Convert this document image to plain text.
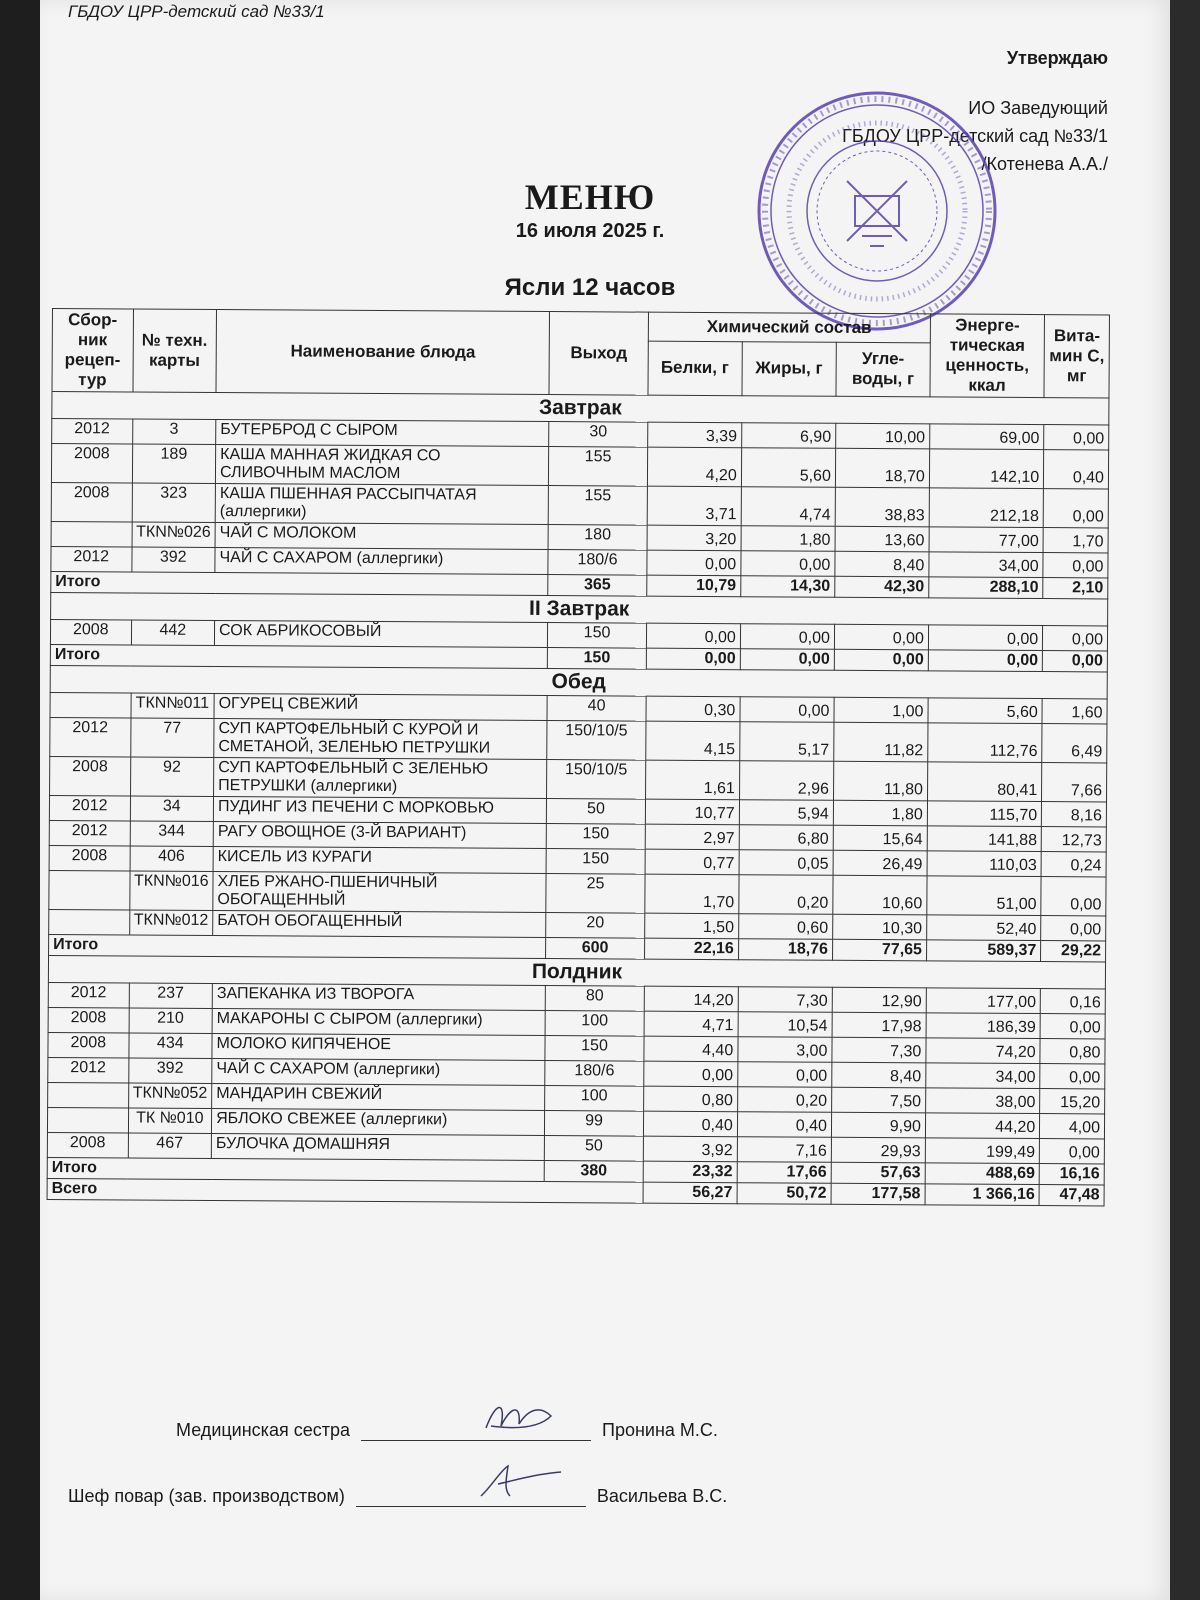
ГБДОУ ЦРР-детский сад №33/1
Утверждаю
ИО Заведующий
ГБДОУ ЦРР-детский сад №33/1
/Котенева А.А./
МЕНЮ
16 июля 2025 г.
Ясли 12 часов
Сбор-ник рецеп-тур	№ техн. карты	Наименование блюда	Выход	Химический состав			Энерге-тическая ценность, ккал	Вита-мин С, мг
				Белки, г	Жиры, г	Угле-воды, г		
Завтрак								
2012	3	БУТЕРБРОД С СЫРОМ	30	3,39	6,90	10,00	69,00	0,00
2008	189	КАША МАННАЯ ЖИДКАЯ СО СЛИВОЧНЫМ МАСЛОМ	155	4,20	5,60	18,70	142,10	0,40
2008	323	КАША ПШЕННАЯ РАССЫПЧАТАЯ (аллергики)	155	3,71	4,74	38,83	212,18	0,00
	ТКN№026	ЧАЙ С МОЛОКОМ	180	3,20	1,80	13,60	77,00	1,70
2012	392	ЧАЙ С САХАРОМ (аллергики)	180/6	0,00	0,00	8,40	34,00	0,00
Итого			365	10,79	14,30	42,30	288,10	2,10
II Завтрак								
2008	442	СОК АБРИКОСОВЫЙ	150	0,00	0,00	0,00	0,00	0,00
Итого			150	0,00	0,00	0,00	0,00	0,00
Обед								
	ТКN№011	ОГУРЕЦ СВЕЖИЙ	40	0,30	0,00	1,00	5,60	1,60
2012	77	СУП КАРТОФЕЛЬНЫЙ С КУРОЙ И СМЕТАНОЙ, ЗЕЛЕНЬЮ ПЕТРУШКИ	150/10/5	4,15	5,17	11,82	112,76	6,49
2008	92	СУП КАРТОФЕЛЬНЫЙ С ЗЕЛЕНЬЮ ПЕТРУШКИ (аллергики)	150/10/5	1,61	2,96	11,80	80,41	7,66
2012	34	ПУДИНГ ИЗ ПЕЧЕНИ С МОРКОВЬЮ	50	10,77	5,94	1,80	115,70	8,16
2012	344	РАГУ ОВОЩНОЕ (3-Й ВАРИАНТ)	150	2,97	6,80	15,64	141,88	12,73
2008	406	КИСЕЛЬ ИЗ КУРАГИ	150	0,77	0,05	26,49	110,03	0,24
	ТКN№016	ХЛЕБ РЖАНО-ПШЕНИЧНЫЙ ОБОГАЩЕННЫЙ	25	1,70	0,20	10,60	51,00	0,00
	ТКN№012	БАТОН ОБОГАЩЕННЫЙ	20	1,50	0,60	10,30	52,40	0,00
Итого			600	22,16	18,76	77,65	589,37	29,22
Полдник								
2012	237	ЗАПЕКАНКА ИЗ ТВОРОГА	80	14,20	7,30	12,90	177,00	0,16
2008	210	МАКАРОНЫ С СЫРОМ (аллергики)	100	4,71	10,54	17,98	186,39	0,00
2008	434	МОЛОКО КИПЯЧЕНОЕ	150	4,40	3,00	7,30	74,20	0,80
2012	392	ЧАЙ С САХАРОМ (аллергики)	180/6	0,00	0,00	8,40	34,00	0,00
	ТКN№052	МАНДАРИН СВЕЖИЙ	100	0,80	0,20	7,50	38,00	15,20
	ТК №010	ЯБЛОКО СВЕЖЕЕ (аллергики)	99	0,40	0,40	9,90	44,20	4,00
2008	467	БУЛОЧКА ДОМАШНЯЯ	50	3,92	7,16	29,93	199,49	0,00
Итого			380	23,32	17,66	57,63	488,69	16,16
Всего				56,27	50,72	177,58	1 366,16	47,48
Медицинская сестра	Пронина М.С.
Шеф повар (зав. производством)	Васильева В.С.
